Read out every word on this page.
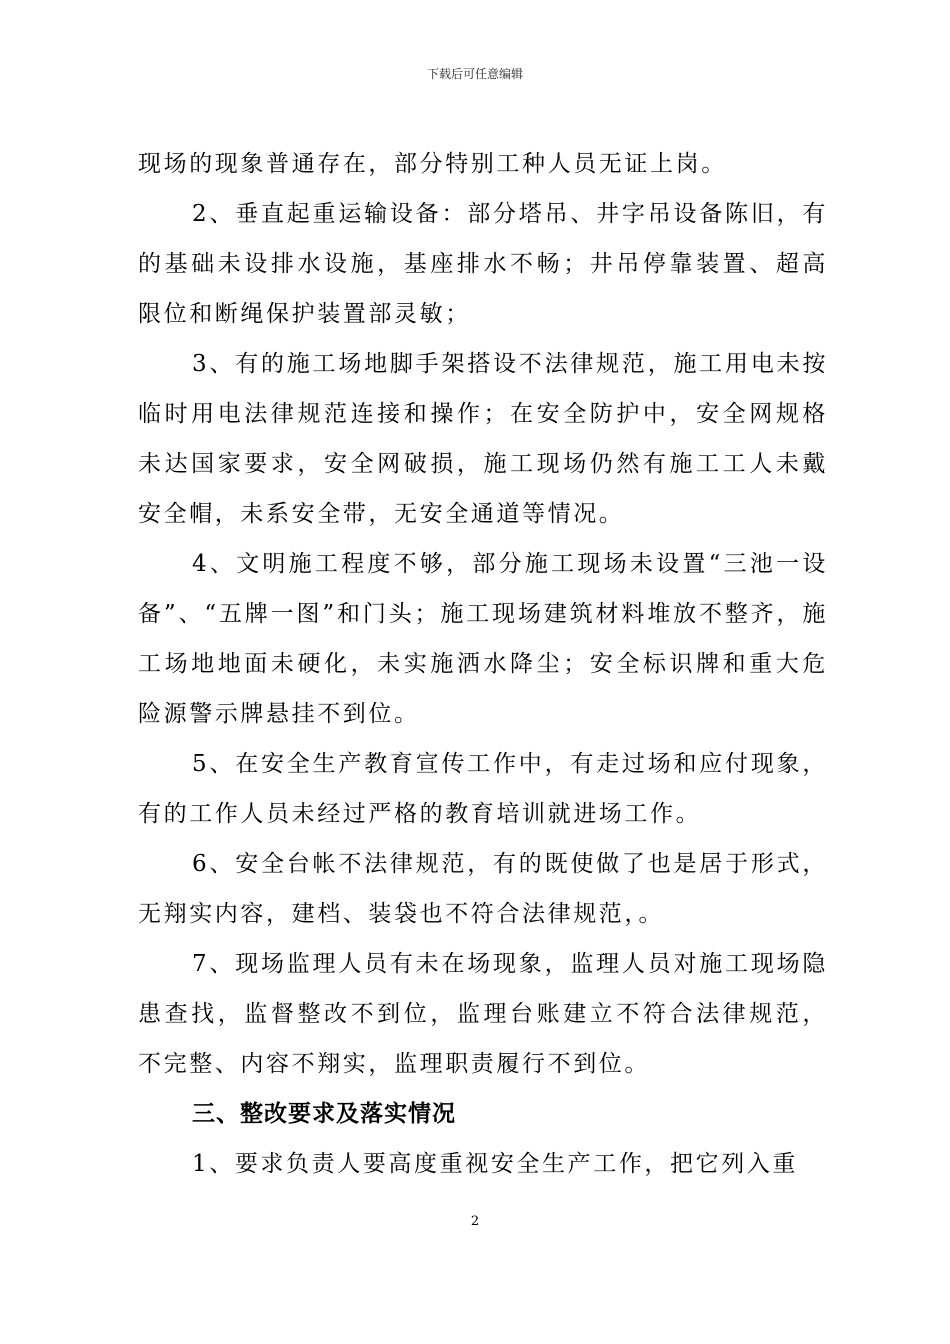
下载后可任意编辑

现场的现象普通存在，部分特别工种人员无证上岗。

2、垂直起重运输设备：部分塔吊、井字吊设备陈旧，有的基础未设排水设施，基座排水不畅；井吊停靠装置、超高限位和断绳保护装置部灵敏；

3、有的施工场地脚手架搭设不法律规范，施工用电未按临时用电法律规范连接和操作；在安全防护中，安全网规格未达国家要求，安全网破损，施工现场仍然有施工工人未戴安全帽，未系安全带，无安全通道等情况。

4、文明施工程度不够，部分施工现场未设置“三池一设备”、“五牌一图”和门头；施工现场建筑材料堆放不整齐，施工场地地面未硬化，未实施洒水降尘；安全标识牌和重大危险源警示牌悬挂不到位。

5、在安全生产教育宣传工作中，有走过场和应付现象，有的工作人员未经过严格的教育培训就进场工作。

6、安全台帐不法律规范，有的既使做了也是居于形式，无翔实内容，建档、装袋也不符合法律规范，。

7、现场监理人员有未在场现象，监理人员对施工现场隐患查找，监督整改不到位，监理台账建立不符合法律规范，不完整、内容不翔实，监理职责履行不到位。

三、整改要求及落实情况

1、要求负责人要高度重视安全生产工作，把它列入重

2
